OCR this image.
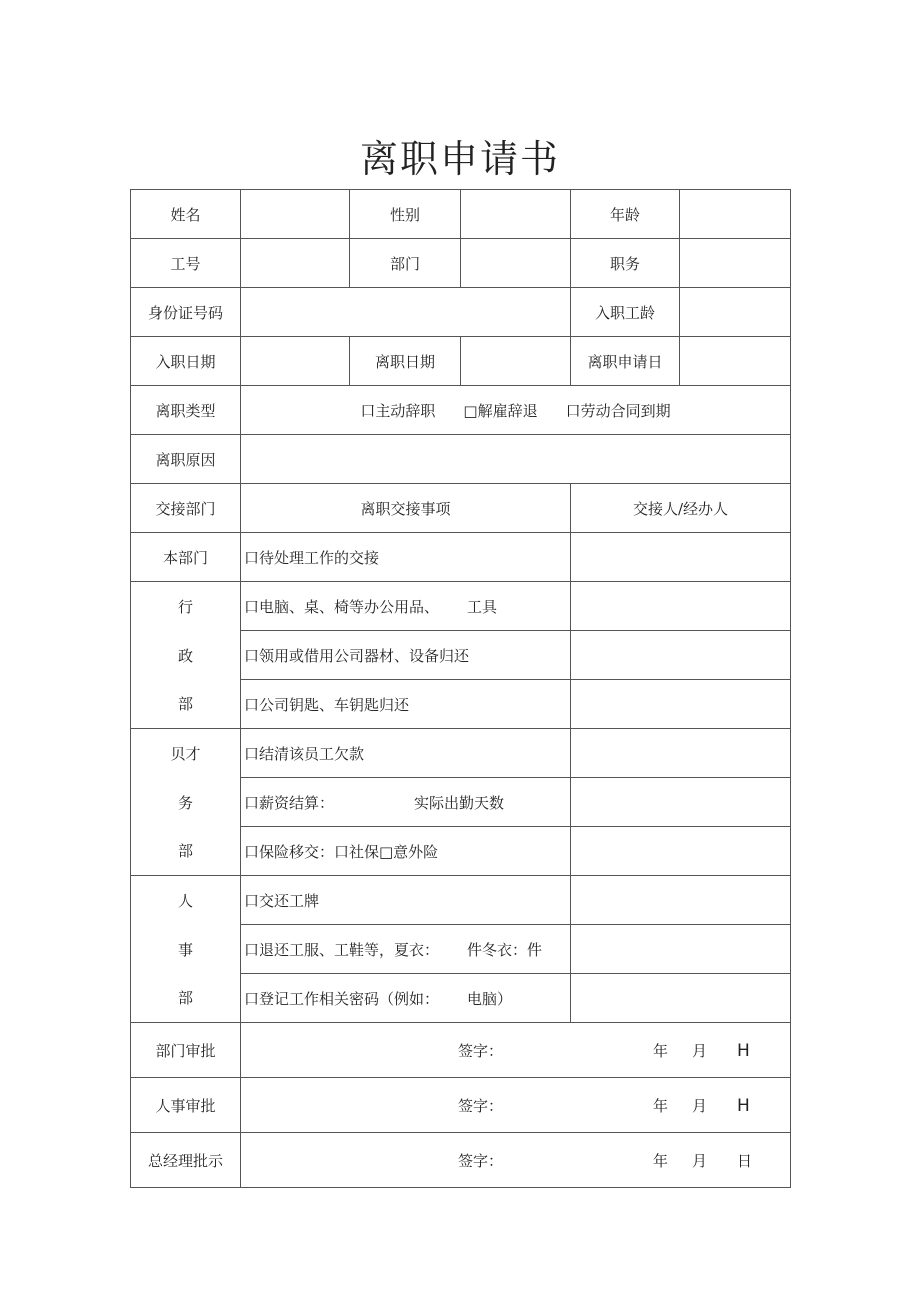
离职申请书
姓名		性别		年龄	
工号		部门		职务	
身份证号码				入职工龄	
入职日期		离职日期		离职申请日	
离职类型	口主动辞职 □解雇辞退 口劳动合同到期				
离职原因					
交接部门	离职交接事项			交接人/经办人	
本部门	口待处理工作的交接				
行	口电脑、桌、椅等办公用品、 工具				
政	口领用或借用公司器材、设备归还				
部	口公司钥匙、车钥匙归还				
贝才	口结清该员工欠款				
务	口薪资结算： 实际出勤天数				
部	口保险移交：口社保□意外险				
人	口交还工牌				
事	口退还工服、工鞋等，夏衣： 件冬衣：件				
部	口登记工作相关密码（例如： 电脑）				
部门审批	签字： 年 月 H				

人事审批	签字： 年 月 H				

总经理批示	签字： 年 月 日				
